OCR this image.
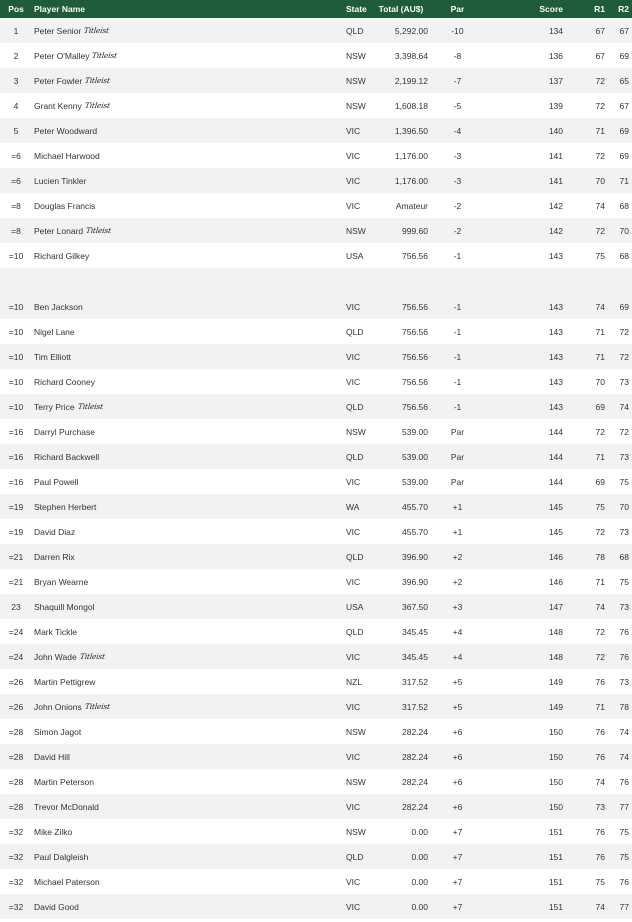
Pos	Player Name	State	Total (AU$)	Par	Score	R1	R2
1	Peter Senior Titleist	QLD	5,292.00	-10	134	67	67
2	Peter O'Malley Titleist	NSW	3,398.64	-8	136	67	69
3	Peter Fowler Titleist	NSW	2,199.12	-7	137	72	65
4	Grant Kenny Titleist	NSW	1,608.18	-5	139	72	67
5	Peter Woodward	VIC	1,396.50	-4	140	71	69
=6	Michael Harwood	VIC	1,176.00	-3	141	72	69
=6	Lucien Tinkler	VIC	1,176.00	-3	141	70	71
=8	Douglas Francis	VIC	Amateur	-2	142	74	68
=8	Peter Lonard Titleist	NSW	999.60	-2	142	72	70
=10	Richard Gilkey	USA	756.56	-1	143	75	68
=10	Ben Jackson	VIC	756.56	-1	143	74	69
=10	Nigel Lane	QLD	756.56	-1	143	71	72
=10	Tim Elliott	VIC	756.56	-1	143	71	72
=10	Richard Cooney	VIC	756.56	-1	143	70	73
=10	Terry Price Titleist	QLD	756.56	-1	143	69	74
=16	Darryl Purchase	NSW	539.00	Par	144	72	72
=16	Richard Backwell	QLD	539.00	Par	144	71	73
=16	Paul Powell	VIC	539.00	Par	144	69	75
=19	Stephen Herbert	WA	455.70	+1	145	75	70
=19	David Diaz	VIC	455.70	+1	145	72	73
=21	Darren Rix	QLD	396.90	+2	146	78	68
=21	Bryan Wearne	VIC	396.90	+2	146	71	75
23	Shaquill Mongol	USA	367.50	+3	147	74	73
=24	Mark Tickle	QLD	345.45	+4	148	72	76
=24	John Wade Titleist	VIC	345.45	+4	148	72	76
=26	Martin Pettigrew	NZL	317.52	+5	149	76	73
=26	John Onions Titleist	VIC	317.52	+5	149	71	78
=28	Simon Jagot	NSW	282.24	+6	150	76	74
=28	David Hill	VIC	282.24	+6	150	76	74
=28	Martin Peterson	NSW	282.24	+6	150	74	76
=28	Trevor McDonald	VIC	282.24	+6	150	73	77
=32	Mike Zilko	NSW	0.00	+7	151	76	75
=32	Paul Dalgleish	QLD	0.00	+7	151	76	75
=32	Michael Paterson	VIC	0.00	+7	151	75	76
=32	David Good	VIC	0.00	+7	151	74	77
